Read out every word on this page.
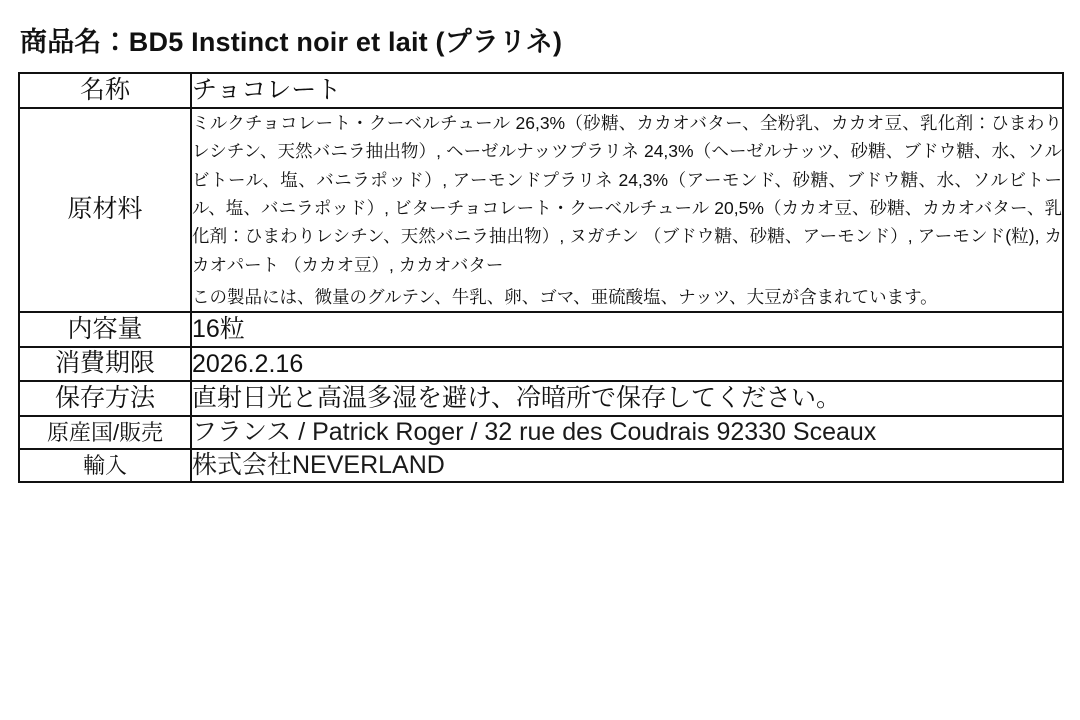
商品名：BD5 Instinct noir et lait (プラリネ)
名称	チョコレート
原材料	ミルクチョコレート・クーベルチュール 26,3%（砂糖、カカオバター、全粉乳、カカオ豆、乳化剤：ひまわりレシチン、天然バニラ抽出物）, ヘーゼルナッツプラリネ 24,3%（ヘーゼルナッツ、砂糖、ブドウ糖、水、ソルビトール、塩、バニラポッド）, アーモンドプラリネ 24,3%（アーモンド、砂糖、ブドウ糖、水、ソルビトール、塩、バニラポッド）, ビターチョコレート・クーベルチュール 20,5%（カカオ豆、砂糖、カカオバター、乳化剤：ひまわりレシチン、天然バニラ抽出物）, ヌガチン （ブドウ糖、砂糖、アーモンド）, アーモンド(粒), カカオパート （カカオ豆）, カカオバター

この製品には、微量のグルテン、牛乳、卵、ゴマ、亜硫酸塩、ナッツ、大豆が含まれています。

内容量	16粒
消費期限	2026.2.16
保存方法	直射日光と高温多湿を避け、冷暗所で保存してください。
原産国/販売	フランス / Patrick Roger / 32 rue des Coudrais 92330 Sceaux
輸入	株式会社NEVERLAND
